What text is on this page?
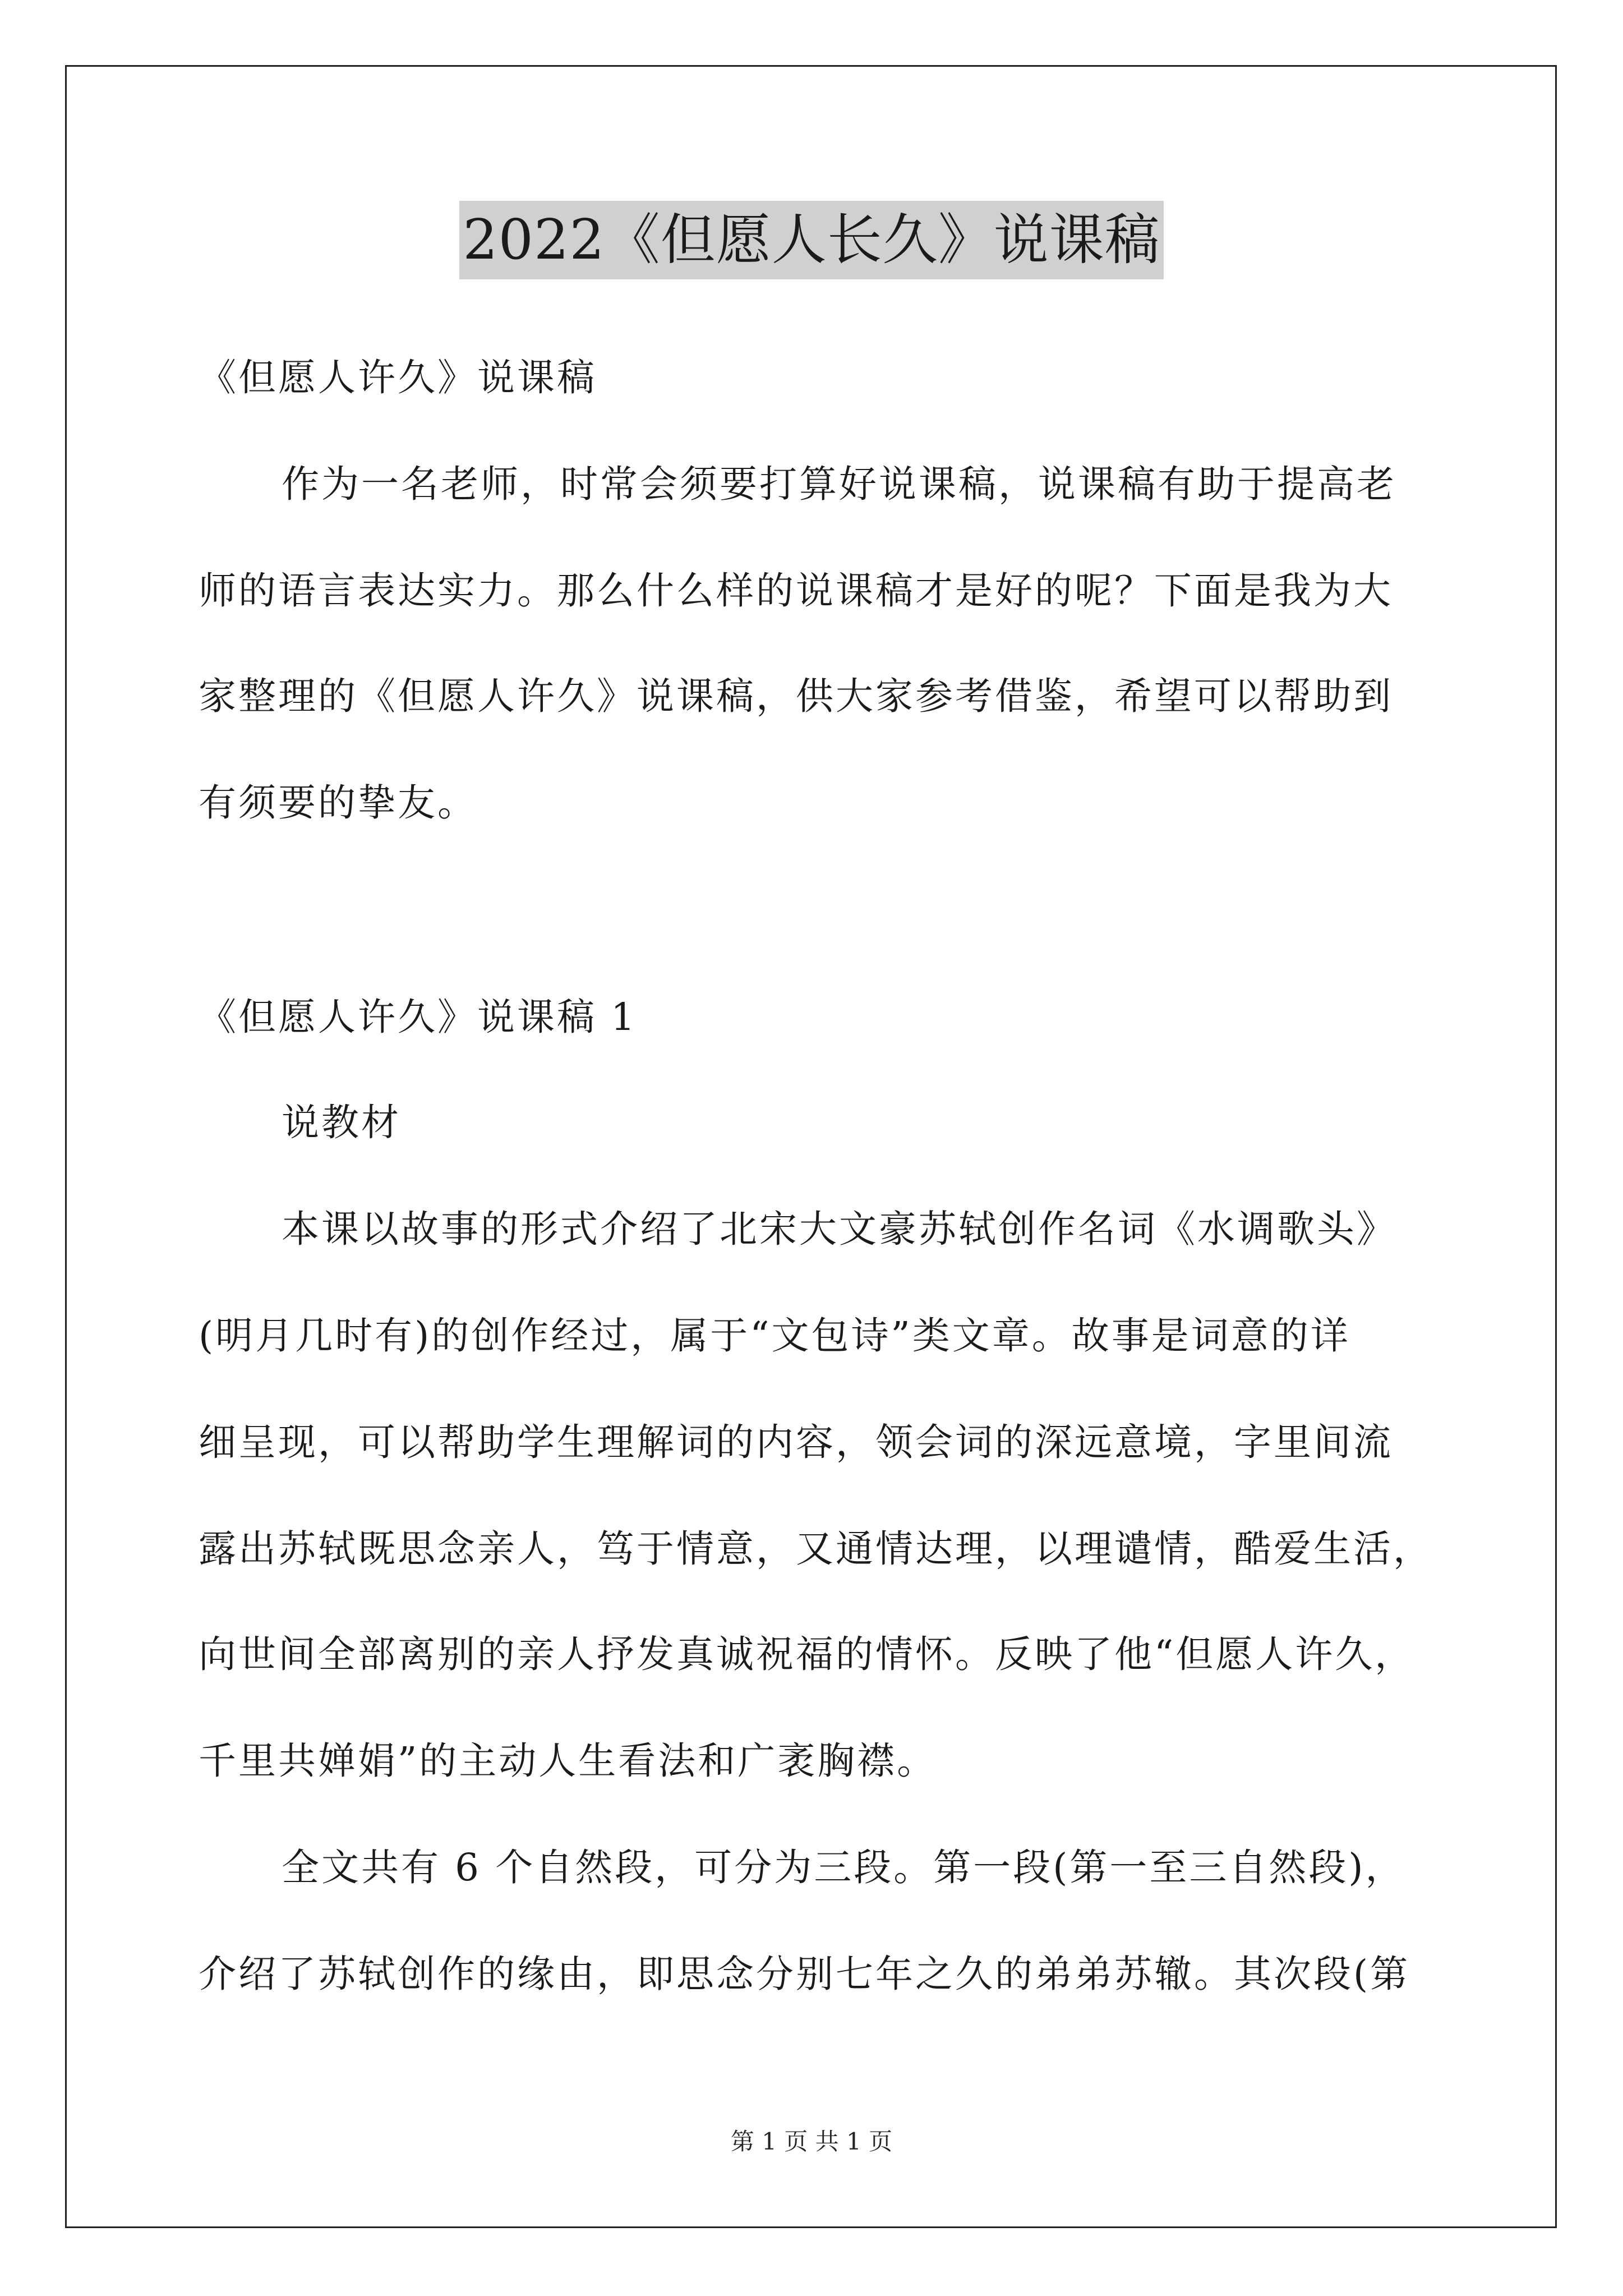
2022《但愿人长久》说课稿
《但愿人许久》说课稿
作为一名老师，时常会须要打算好说课稿，说课稿有助于提高老
师的语言表达实力。那么什么样的说课稿才是好的呢？下面是我为大
家整理的《但愿人许久》说课稿，供大家参考借鉴，希望可以帮助到
有须要的挚友。
《但愿人许久》说课稿 1
说教材
本课以故事的形式介绍了北宋大文豪苏轼创作名词《水调歌头》
(明月几时有)的创作经过，属于“文包诗”类文章。故事是词意的详
细呈现，可以帮助学生理解词的内容，领会词的深远意境，字里间流
露出苏轼既思念亲人，笃于情意，又通情达理，以理谴情，酷爱生活，
向世间全部离别的亲人抒发真诚祝福的情怀。反映了他“但愿人许久，
千里共婵娟”的主动人生看法和广袤胸襟。
全文共有 6 个自然段，可分为三段。第一段(第一至三自然段)，
介绍了苏轼创作的缘由，即思念分别七年之久的弟弟苏辙。其次段(第
第 1 页 共 1 页
